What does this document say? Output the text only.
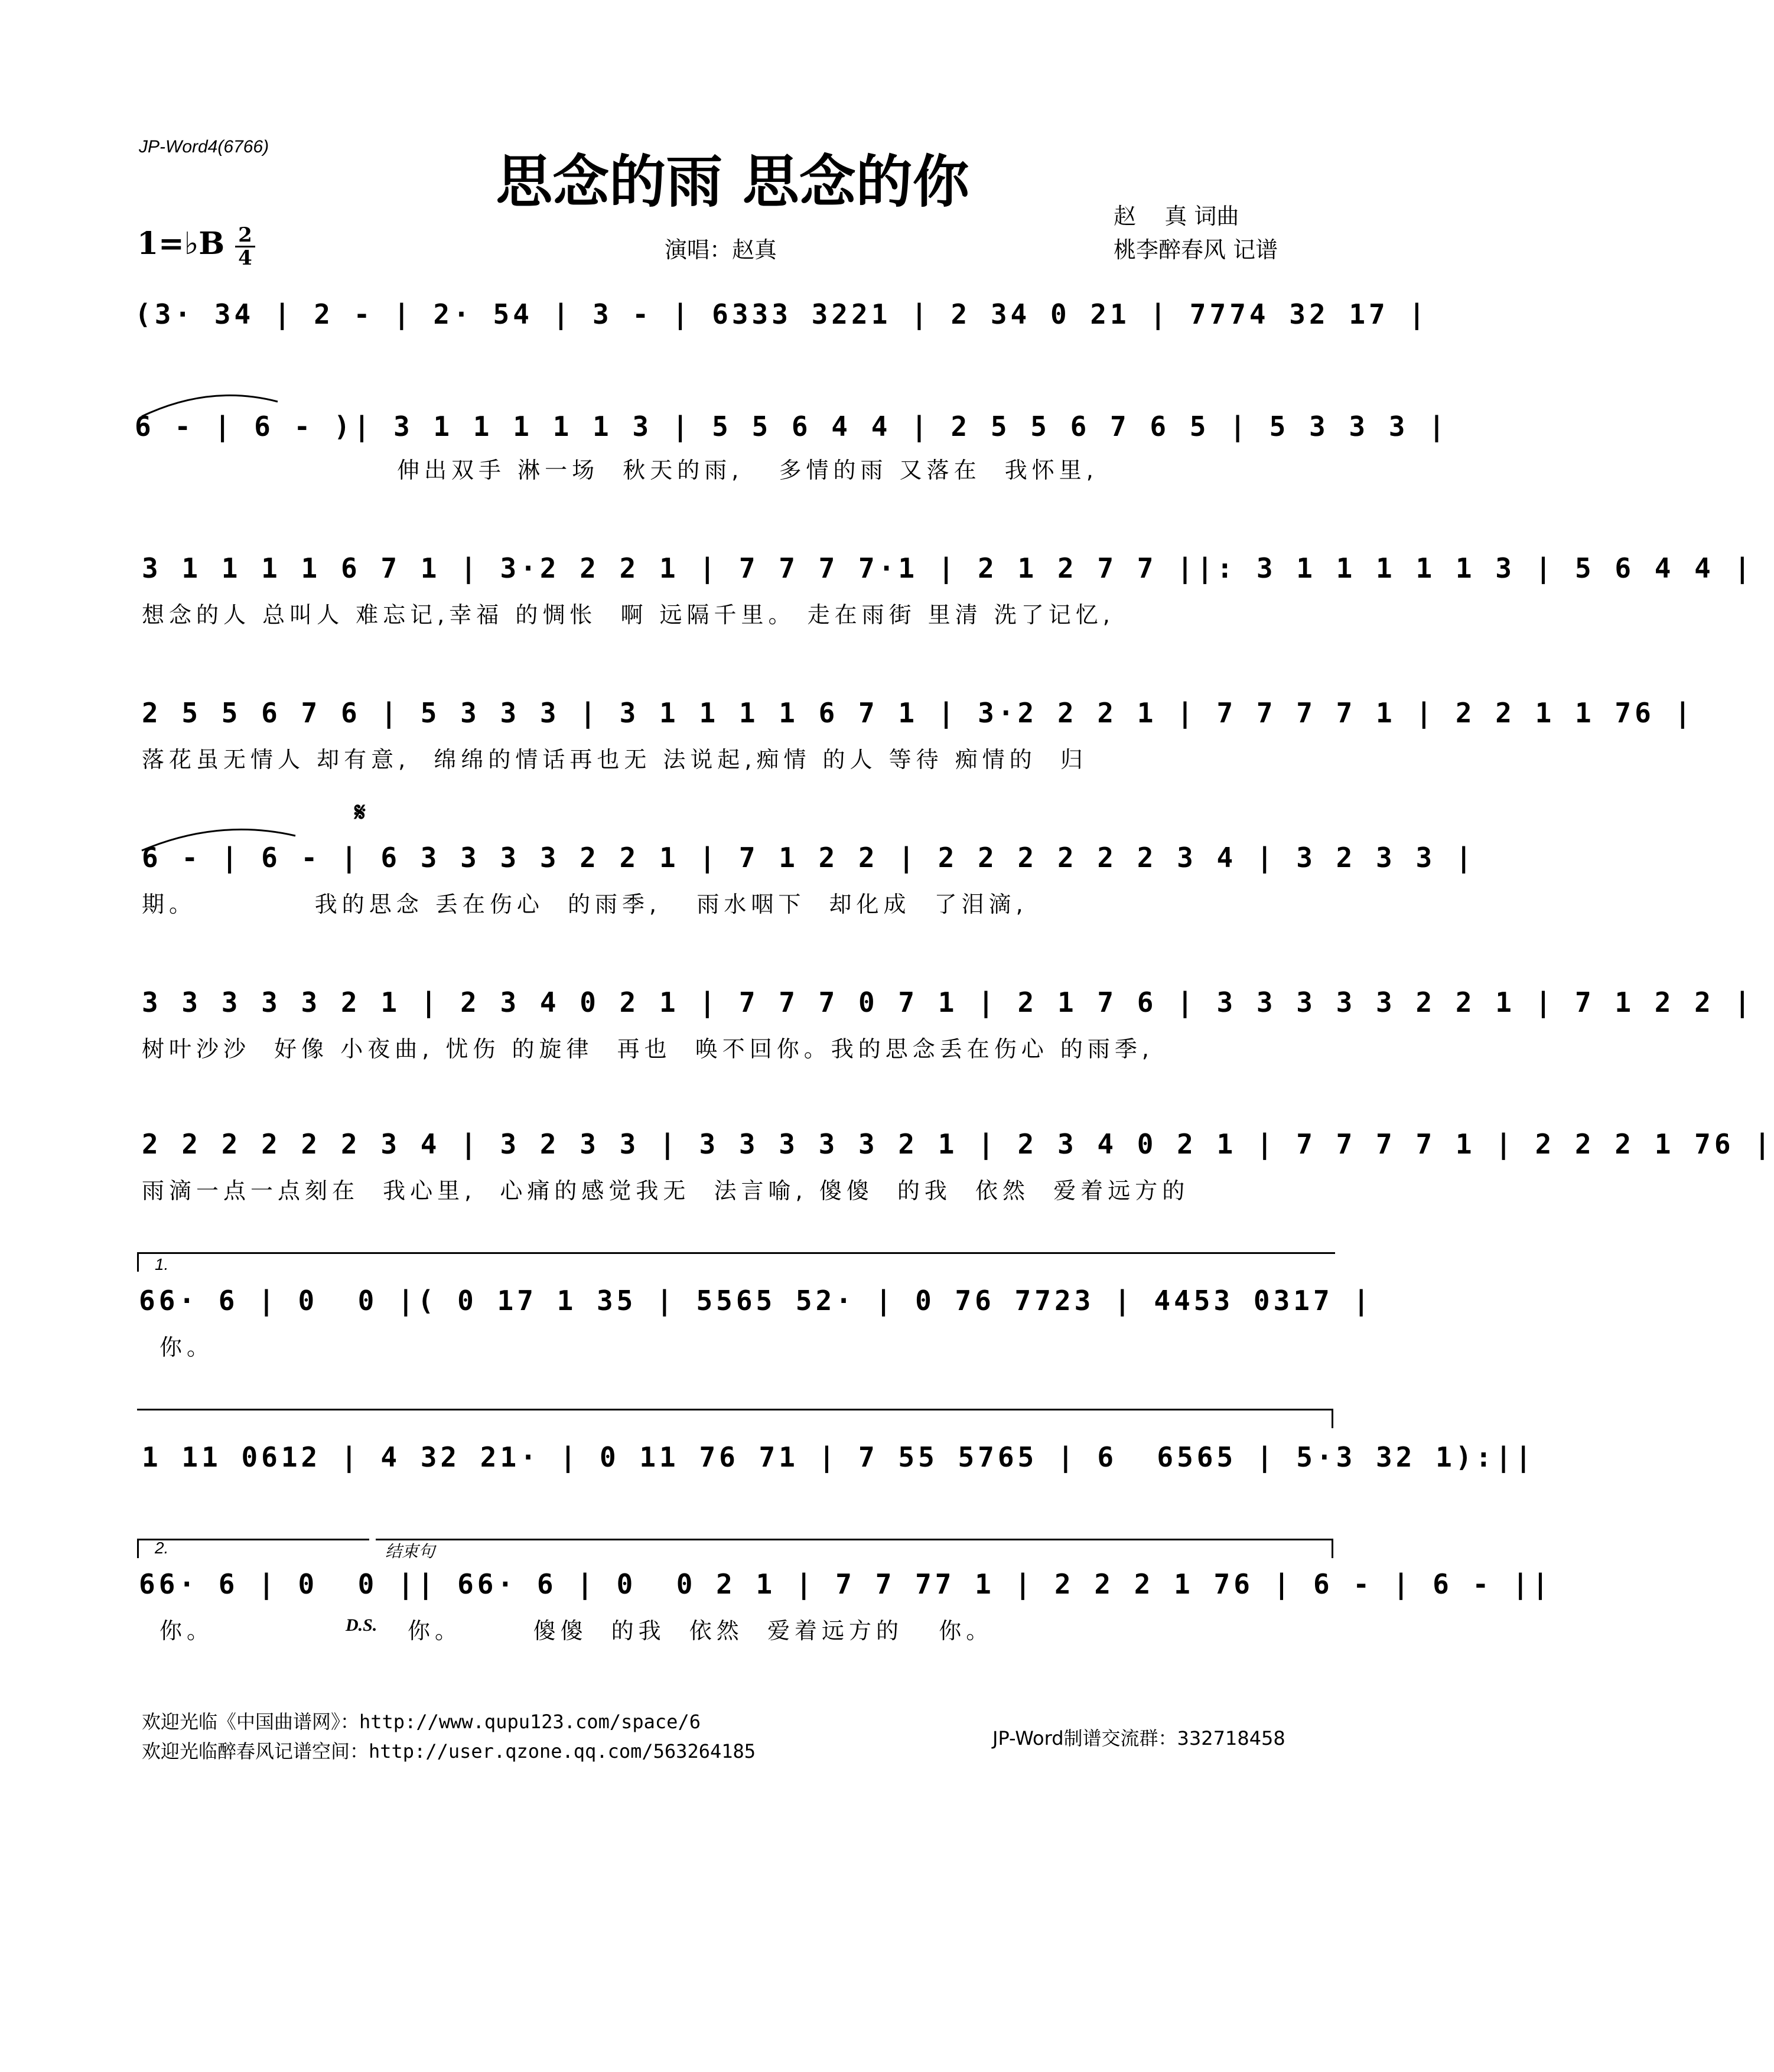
JP-Word4(6766)
思念的雨 思念的你
赵    真 词曲
1=♭B 2
4	演唱：赵真	桃李醉春风 记谱
(3· 34 | 2 - | 2· 54 | 3 - | 6333 3221 | 2 34 0 21 | 7774 32 17 |
6 - | 6 - )| 3 1 1 1 1 1 3 | 5 5 6 4 4 | 2 5 5 6 7 6 5 | 5 3 3 3 |
伸出双手 淋一场  秋天的雨,   多情的雨 又落在  我怀里,
3 1 1 1 1 6 7 1 | 3·2 2 2 1 | 7 7 7 7·1 | 2 1 2 7 7 ||: 3 1 1 1 1 1 3 | 5 6 4 4 |
想念的人 总叫人 难忘记,幸福 的惆怅  啊 远隔千里。 走在雨街 里清 洗了记忆,
2 5 5 6 7 6 | 5 3 3 3 | 3 1 1 1 1 6 7 1 | 3·2 2 2 1 | 7 7 7 7 1 | 2 2 1 1 76 |
落花虽无情人 却有意,  绵绵的情话再也无 法说起,痴情 的人 等待 痴情的  归
𝄋
6 - | 6 - | 6 3 3 3 3 2 2 1 | 7 1 2 2 | 2 2 2 2 2 2 3 4 | 3 2 3 3 |
期。          我的思念 丢在伤心  的雨季,   雨水咽下  却化成  了泪滴,
3 3 3 3 3 2 1 | 2 3 4 0 2 1 | 7 7 7 0 7 1 | 2 1 7 6 | 3 3 3 3 3 2 2 1 | 7 1 2 2 |
树叶沙沙  好像 小夜曲, 忧伤 的旋律  再也  唤不回你。我的思念丢在伤心 的雨季,
2 2 2 2 2 2 3 4 | 3 2 3 3 | 3 3 3 3 3 2 1 | 2 3 4 0 2 1 | 7 7 7 7 1 | 2 2 2 1 76 |
雨滴一点一点刻在  我心里,  心痛的感觉我无  法言喻, 傻傻  的我  依然  爱着远方的
1.
66· 6 | 0  0 |( 0 17 1 35 | 5565 52· | 0 76 7723 | 4453 0317 |
你。
1 11 0612 | 4 32 21· | 0 11 76 71 | 7 55 5765 | 6  6565 | 5·3 32 1):||
2.	结束句
66· 6 | 0  0 || 66· 6 | 0  0 2 1 | 7 7 77 1 | 2 2 2 1 76 | 6 - | 6 - ||
你。	D.S. 你。      傻傻  的我  依然  爱着远方的   你。
欢迎光临《中国曲谱网》：http://www.qupu123.com/space/6
欢迎光临醉春风记谱空间：http://user.qzone.qq.com/563264185
JP-Word制谱交流群：332718458
